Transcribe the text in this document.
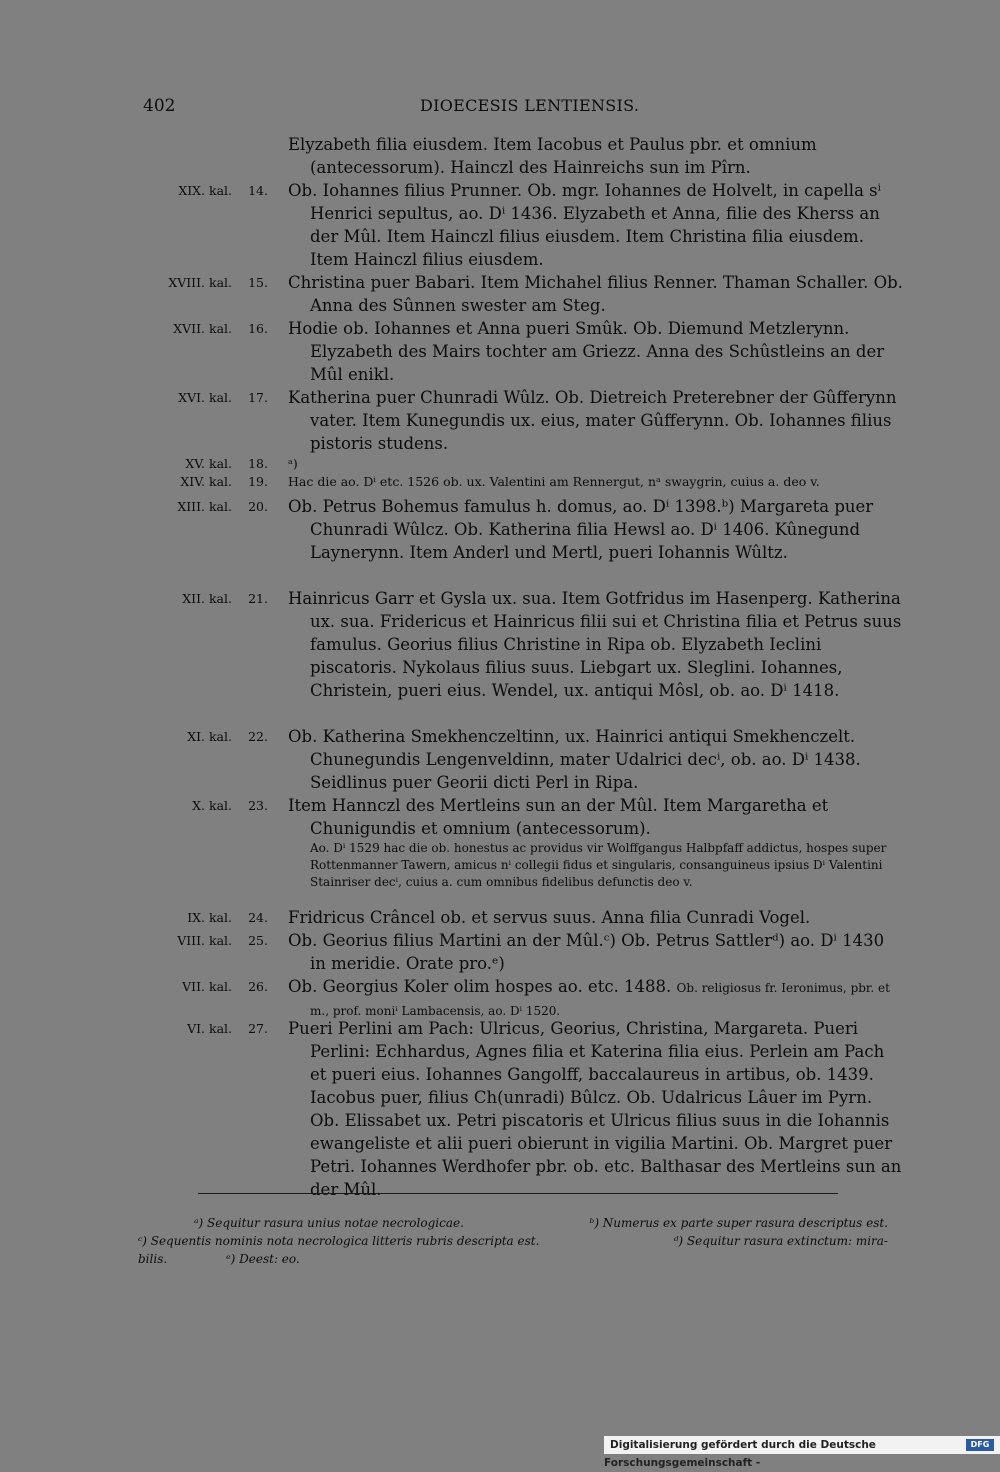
402	DIOECESIS LENTIENSIS.

Elyzabeth filia eiusdem. Item Iacobus et Paulus pbr. et omnium (antecessorum). Hainczl des Hainreichs sun im Pîrn.

XIX. kal.	14. Ob. Iohannes filius Prunner. Ob. mgr. Iohannes de Holvelt, in capella sⁱ Henrici sepultus, ao. Dⁱ 1436. Elyzabeth et Anna, filie des Kherss an der Mûl. Item Hainczl filius eiusdem. Item Christina filia eiusdem. Item Hainczl filius eiusdem.

XVIII. kal.	15. Christina puer Babari. Item Michahel filius Renner. Thaman Schaller. Ob. Anna des Sûnnen swester am Steg.

XVII. kal.	16. Hodie ob. Iohannes et Anna pueri Smûk. Ob. Diemund Metzlerynn. Elyzabeth des Mairs tochter am Griezz. Anna des Schûstleins an der Mûl enikl.

XVI. kal.	17. Katherina puer Chunradi Wûlz. Ob. Dietreich Preterebner der Gûfferynn vater. Item Kunegundis ux. eius, mater Gûfferynn. Ob. Iohannes filius pistoris studens.

XV. kal.	18. ᵃ)

XIV. kal.	19. Hac die ao. Dⁱ etc. 1526 ob. ux. Valentini am Rennergut, nᵃ swaygrin, cuius a. deo v.

XIII. kal.	20. Ob. Petrus Bohemus famulus h. domus, ao. Dⁱ 1398.ᵇ) Margareta puer Chunradi Wûlcz. Ob. Katherina filia Hewsl ao. Dⁱ 1406. Kûnegund Laynerynn. Item Anderl und Mertl, pueri Iohannis Wûltz.

XII. kal.	21. Hainricus Garr et Gysla ux. sua. Item Gotfridus im Hasenperg. Katherina ux. sua. Fridericus et Hainricus filii sui et Christina filia et Petrus suus famulus. Georius filius Christine in Ripa ob. Elyzabeth Ieclini piscatoris. Nykolaus filius suus. Liebgart ux. Sleglini. Iohannes, Christein, pueri eius. Wendel, ux. antiqui Môsl, ob. ao. Dⁱ 1418.

XI. kal.	22. Ob. Katherina Smekhenczeltinn, ux. Hainrici antiqui Smekhenczelt. Chunegundis Lengenveldinn, mater Udalrici decⁱ, ob. ao. Dⁱ 1438. Seidlinus puer Georii dicti Perl in Ripa.

X. kal.	23. Item Hannczl des Mertleins sun an der Mûl. Item Margaretha et Chunigundis et omnium (antecessorum).

Ao. Dⁱ 1529 hac die ob. honestus ac providus vir Wolffgangus Halbpfaff addictus, hospes super Rottenmanner Tawern, amicus nⁱ collegii fidus et singularis, consanguineus ipsius Dⁱ Valentini Stainriser decⁱ, cuius a. cum omnibus fidelibus defunctis deo v.

IX. kal.	24. Fridricus Crâncel ob. et servus suus. Anna filia Cunradi Vogel.

VIII. kal.	25. Ob. Georius filius Martini an der Mûl.ᶜ) Ob. Petrus Sattlerᵈ) ao. Dⁱ 1430 in meridie. Orate pro.ᵉ)

VII. kal.	26. Ob. Georgius Koler olim hospes ao. etc. 1488. Ob. religiosus fr. Ieronimus, pbr. et m., prof. moniⁱ Lambacensis, ao. Dⁱ 1520.

VI. kal.	27. Pueri Perlini am Pach: Ulricus, Georius, Christina, Margareta. Pueri Perlini: Echhardus, Agnes filia et Katerina filia eius. Perlein am Pach et pueri eius. Iohannes Gangolff, baccalaureus in artibus, ob. 1439. Iacobus puer, filius Ch(unradi) Bûlcz. Ob. Udalricus Lâuer im Pyrn. Ob. Elissabet ux. Petri piscatoris et Ulricus filius suus in die Iohannis ewangeliste et alii pueri obierunt in vigilia Martini. Ob. Margret puer Petri. Iohannes Werdhofer pbr. ob. etc. Balthasar des Mertleins sun an der Mûl.

ᵃ) Sequitur rasura unius notae necrologicae.	ᵇ) Numerus ex parte super rasura descriptus est.
ᶜ) Sequentis nominis nota necrologica litteris rubris descripta est.	ᵈ) Sequitur rasura extinctum: mira-
bilis.	ᵉ) Deest: eo.
Digitalisierung gefördert durch die Deutsche Forschungsgemeinschaft -
DFG
